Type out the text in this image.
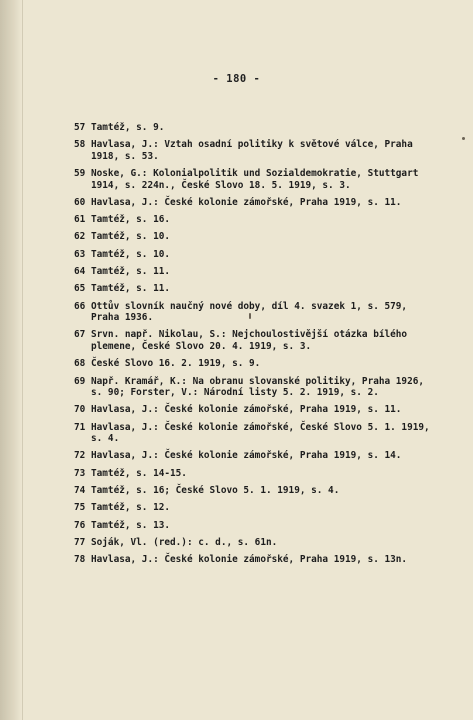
- 180 -
57 Tamtéž, s. 9.
58 Havlasa, J.: Vztah osadní politiky k světové válce, Praha
1918, s. 53.
59 Noske, G.: Kolonialpolitik und Sozialdemokratie, Stuttgart
1914, s. 224n., České Slovo 18. 5. 1919, s. 3.
60 Havlasa, J.: České kolonie zámořské, Praha 1919, s. 11.
61 Tamtéž, s. 16.
62 Tamtéž, s. 10.
63 Tamtéž, s. 10.
64 Tamtéž, s. 11.
65 Tamtéž, s. 11.
66 Ottův slovník naučný nové doby, díl 4. svazek 1, s. 579,
Praha 1936.
67 Srvn. např. Nikolau, S.: Nejchoulostivější otázka bílého
plemene, České Slovo 20. 4. 1919, s. 3.
68 České Slovo 16. 2. 1919, s. 9.
69 Např. Kramář, K.: Na obranu slovanské politiky, Praha 1926,
s. 90; Forster, V.: Národní listy 5. 2. 1919, s. 2.
70 Havlasa, J.: České kolonie zámořské, Praha 1919, s. 11.
71 Havlasa, J.: České kolonie zámořské, České Slovo 5. 1. 1919,
s. 4.
72 Havlasa, J.: České kolonie zámořské, Praha 1919, s. 14.
73 Tamtéž, s. 14-15.
74 Tamtéž, s. 16; České Slovo 5. 1. 1919, s. 4.
75 Tamtéž, s. 12.
76 Tamtéž, s. 13.
77 Soják, Vl. (red.): c. d., s. 61n.
78 Havlasa, J.: České kolonie zámořské, Praha 1919, s. 13n.
